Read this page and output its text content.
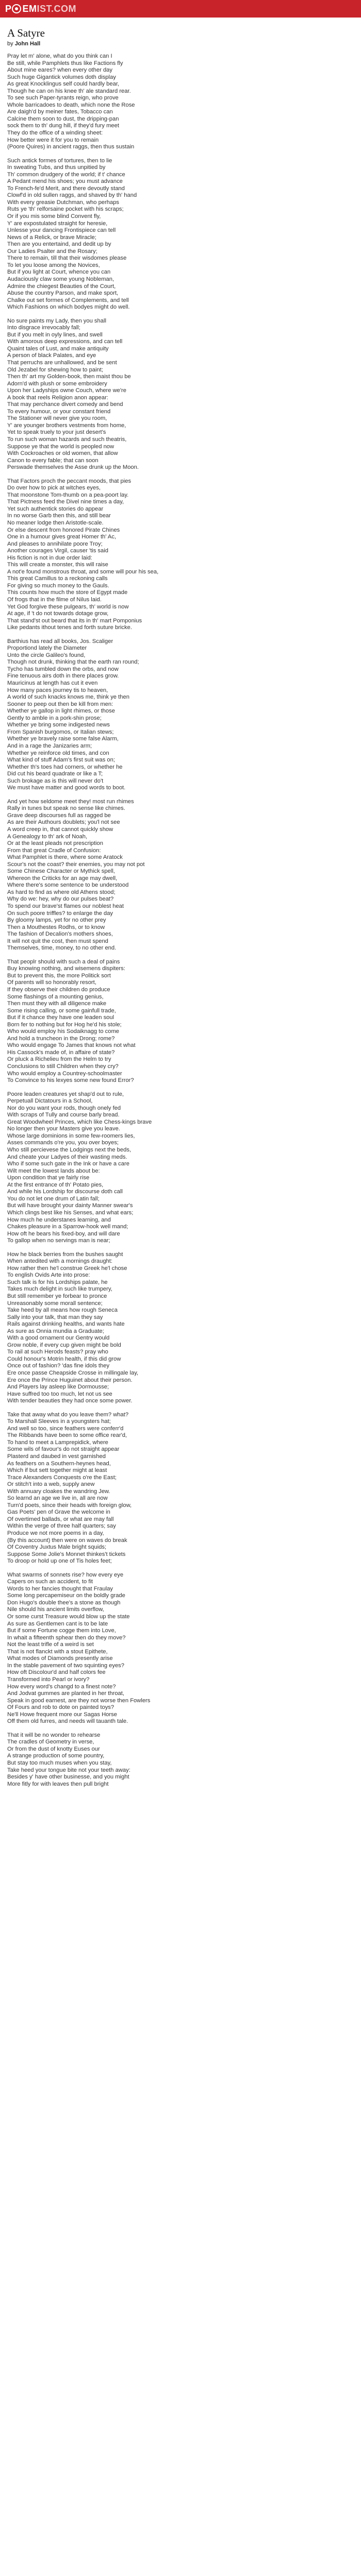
P EM IST.COM
A Satyre
by John Hall
Pray let m' alone, what do you think can I
Be still, while Pamphlets thus like Factions fly
About mine eares? when every other day
Such huge Gigantick volumes doth display
As great Knocklingus self could hardly bear,
Though he can on his knee th' ale standard rear.
To see such Paper-tyrants reign, who prove
Whole barricadoes to death, which none the Rose
Are daigh'd by meiner fates, Tobacco can
Calcine them soon to dust, the dripping-pan
sock them to th' dung hill, if they'd fury meet
They do the office of a winding sheet:
How better were it for you to remain
(Poore Quires) in ancient raggs, then thus sustain
Such antick formes of tortures, then to lie
In sweating Tubs, and thus unpitied by
Th' common drudgery of the world; if t' chance
A Pedant mend his shoes; you must advance
To French-fe'd Merit, and there devoutly stand
Clowf'd in old sullen raggs, and shaved by th' hand
With every greasie Dutchman, who perhaps
Ruts ye 'th' relforsaine pocket with his scraps;
Or if you mis some blind Convent fly,
Y' are expostulated straight for heresie,
Unlesse your dancing Frontispiece can tell
News of a Relick, or brave Miracle;
Then are you entertaind, and dedit up by
Our Ladies Psalter and the Rosary;
There to remain, till that their wisdomes please
To let you loose among the Novices,
But if you light at Court, whence you can
Audaciously claw some young Nobleman,
Admire the chiegest Beauties of the Court,
Abuse the country Parson, and make sport,
Chalke out set formes of Complements, and tell
Which Fashions on which bodyes might do well.
No sure paints my Lady, then you shall
Into disgrace irrevocably fall;
But if you melt in oyly lines, and swell
With amorous deep expressions, and can tell
Quaint tales of Lust, and make antiquity
A person of black Palates, and eye
That perruchs are unhallowed, and be sent
Old Jezabel for shewing how to paint;
Then th' art my Golden-book, then maist thou be
Adorn'd with plush or some embroidery
Upon her Ladyships owne Couch, where we're
A book that reels Religion anon appear:
That may perchance divert comedy and bend
To every humour, or your constant friend
The Stationer will never give you room,
Y' are younger brothers vestments from home,
Yet to speak truely to your just desert's
To run such woman hazards and such theatris,
Suppose ye that the world is peopled now
With Cockroaches or old women, that allow
Canon to every fable; that can soon
Perswade themselves the Asse drunk up the Moon.
That Factors proch the peccant moods, that pies
Do over how to pick at witches eyes,
That moonstone Tom-thumb on a pea-poort lay.
That Pictness feed the Divel nine times a day,
Yet such authentick stories do appear
In no worse Garb then this, and still bear
No meaner lodge then Aristotle-scale.
Or else descent from honored Pirate Chines
One in a humour gives great Homer th' Ac,
And pleases to annihilate poore Troy;
Another courages Virgil, causer 'tis said
His fiction is not in due order laid:
This will create a monster, this will raise
A not'e found monstrous throat, and some will pour his sea,
This great Camillus to a reckoning calls
For giving so much money to the Gauls.
This counts how much the store of Egypt made
Of frogs that in the filme of Nilus laid.
Yet God forgive these pulgears, th' world is now
At age, if 't do not towards dotage grow,
That stand'st out beard that its in th' mart Pomponius
Like pedants ithout tenes and forth suture bricke.
Barthius has read all books, Jos. Scaliger
Proportiond lately the Diameter
Unto the circle Galileo's found,
Though not drunk, thinking that the earth ran round;
Tycho has tumbled down the orbs, and now
Fine tenuous airs doth in there places grow.
Mauricinus at length has cut it even
How many paces journey tis to heaven,
A world of such knacks knows me, think ye then
Sooner to peep out then be kill from men:
Whether ye gallop in light rhimes, or those
Gently to amble in a pork-shin prose;
Whether ye bring some indigested news
From Spanish burgomos, or Italian stews;
Whether ye bravely raise some false Alarm,
And in a rage the Janizaries arm;
Whether ye reinforce old times, and con
What kind of stuff Adam's first suit was on;
Whether th's toes had corners, or whether he
Did cut his beard quadrate or like a T;
Such brokage as is this will never do't
We must have matter and good words to boot.
And yet how seldome meet they! most run rhimes
Rally in tunes but speak no sense like chimes.
Grave deep discourses full as ragged be
As are their Authours doublets; you'l not see
A word creep in, that cannot quickly show
A Genealogy to th' ark of Noah,
Or at the least pleads not prescription
From that great Cradle of Confusion:
What Pamphlet is there, where some Aratock
Scour's not the coast? their enemies, you may not pot
Some Chinese Character or Mythick spell,
Whereon the Criticks for an age may dwell,
Where there's some sentence to be understood
As hard to find as where old Athens stood;
Why do we: hey, why do our pulses beat?
To spend our brave'st flames our noblest heat
On such poore triffles? to enlarge the day
By gloomy lamps, yet for no other prey
Then a Mouthestes Rodhs, or to know
The fashion of Decalion's mothers shoes,
It will not quit the cost, then must spend
Themselves, time, money, to no other end.
That peoplr should with such a deal of pains
Buy knowing nothing, and wisemens dispiters:
But to prevent this, the more Politick sort
Of parents will so honorably resort,
If they observe their children do produce
Some flashings of a mounting genius,
Then must they with all diligence make
Some rising calling, or some gainfull trade,
But if it chance they have one leaden soul
Born fer to nothing but for Hog he'd his stole;
Who would employ his Sodaiknagg to come
And hold a truncheon in the Drong; rome?
Who would engage To James that knows not what
His Cassock's made of, in affaire of state?
Or pluck a Richelieu from the Helm to try
Conclusions to still Children when they cry?
Who would employ a Countrey-schoolmaster
To Convince to his lexyes some new found Error?
Poore leaden creatures yet shap'd out to rule,
Perpetuall Dictatours in a School,
Nor do you want your rods, though onely fed
With scraps of Tully and course barly bread.
Great Woodwheel Princes, which like Chess-kings brave
No longer then your Masters give you leave.
Whose large dominions in some few-roomers lies,
Asses commands o're you, you over boyes;
Who still percievese the Lodgings next the beds,
And cheate your Ladyes of their wasting meds.
Who if some such gate in the Ink or have a care
Wilt meet the lowest lands about be:
Upon condition that ye fairly rise
At the first entrance of th' Potato pies,
And while his Lordship for discourse doth call
You do not let one drum of Latin fall;
But will have brought your dainty Manner swear's
Which clings best like his Senses, and what ears;
How much he understanes learning, and
Chakes pleasure in a Sparrow-hook well mand;
How oft he bears his fixed-boy, and will dare
To gallop when no servings man is near;
How he black berries from the bushes saught
When antedited with a mornings draught:
How rather then he'l construe Greek he'l chose
To english Ovids Arte into prose:
Such talk is for his Lordships palate, he
Takes much delight in such like trumpery,
But still remember ye forbear to pronce
Unreasonably some morall sentence;
Take heed by all means how rough Seneca
Sally into your talk, that man they say
Rails against drinking healths, and wants hate
As sure as Onnia mundia a Graduate;
With a good ornament our Gentry would
Grow noble, if every cup given might be bold
To rail at such Herods feasts? pray who
Could honour's Motrin health, if this did grow
Once out of fashion? 'das fine idols they
Ere once passe Cheapside Crosse in millingale lay,
Ere once the Prince Huguinet about their person.
And Players lay asleep like Dormousse;
Have suffred too too much, let not us see
With tender beauties they had once some power.
Take that away what do you leave them? what?
To Marshall Sleeves in a youngsters hat;
And well so too, since feathers were conferr'd
The Ribbands have been to some office rear'd,
To hand to meet a Lamprepidick, where
Some wils of favour's do not straight appear
Plasterd and daubed in vest garnished
As feathers on a Southern-heynes head,
Which if but sett together might at least
Trace Alexanders Conquests o're the East;
Or stitch't into a web, supply anew
With annuary cloakes the wandring Jew.
So learnd an age we live in, all are now
Turn'd poets, since their heads with foreign glow,
Gas Poets' pen of Grave the welcome in
Of overtimed ballads, or what are may fall
Within the verge of three half quarters; say
Produce we not more poems in a day,
(By this account) then were on waves do break
Of Coventry Juxtus Male bright squids;
Suppose Some Jolie's Monnet thinkes't tickets
To droop or hold up one of Tis holes feet;
What swarms of sonnets rise? how every eye
Capers on such an accident, to fit
Words to her fancies thought that Fraulay
Some long percapemiseur on the boldly grade
Don Hugo's double thee's a stone as though
Nile should his ancient limits overflow,
Or some curst Treasure would blow up the state
As sure as Gentlemen cant is to be late
But if some Fortune cogge them into Love,
In whait a fifteenth sphear then do they move?
Not the least trifle of a weird is set
That is not flanckt with a stout Epithete,
What modes of Diamonds presently arise
In the stable pavement of two squinting eyes?
How oft Discolour'd and half colors fee
Transformed into Pearl or ivory?
How every word's changd to a finest note?
And Jodvat gummes are planted in her throat,
Speak in good earnest, are they not worse then Fowlers
Of Fours and rob to dote on painted toys?
Ne'll Howe frequent more our Sagas Horse
Off them old furres, and needs will tauanth tale.
That it will be no wonder to rehearse
The cradles of Geometry in verse,
Or from the dust of knotty Euses our
A strange production of some pountry,
But stay too much muses when you stay,
Take heed your tongue bite not your teeth away:
Besides y' have other businesse, and you might
More fitly for with leaves then pull bright
